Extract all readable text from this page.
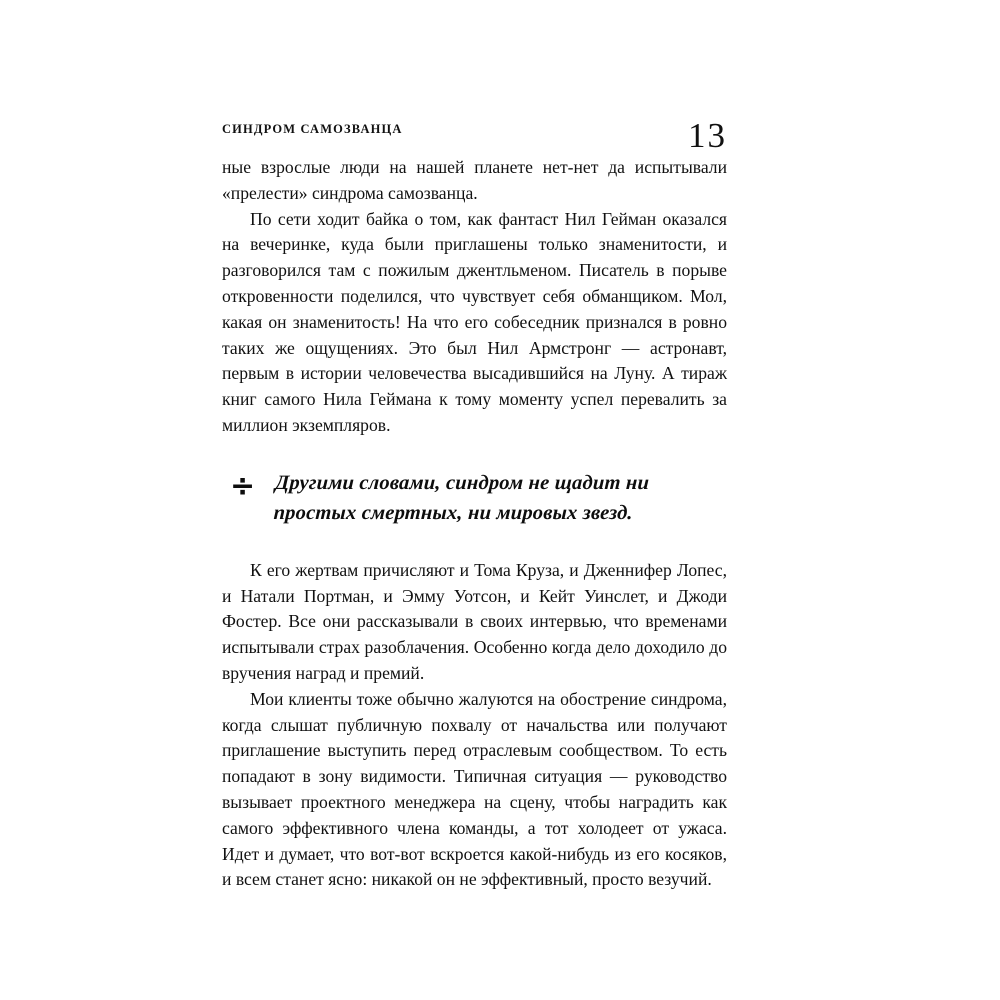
СИНДРОМ САМОЗВАНЦА	13

ные взрослые люди на нашей планете нет-нет да испытывали «прелести» синдрома самозванца.

По сети ходит байка о том, как фантаст Нил Гейман оказался на вечеринке, куда были приглашены только знаменитости, и разговорился там с пожилым джентльменом. Писатель в порыве откровенности поделился, что чувствует себя обманщиком. Мол, какая он знаменитость! На что его собеседник признался в ровно таких же ощущениях. Это был Нил Армстронг — астронавт, первым в истории человечества высадившийся на Луну. А тираж книг самого Нила Геймана к тому моменту успел перевалить за миллион экземпляров.

÷ Другими словами, синдром не щадит ни простых смертных, ни мировых звезд.

К его жертвам причисляют и Тома Круза, и Дженнифер Лопес, и Натали Портман, и Эмму Уотсон, и Кейт Уинслет, и Джоди Фостер. Все они рассказывали в своих интервью, что временами испытывали страх разоблачения. Особенно когда дело доходило до вручения наград и премий.

Мои клиенты тоже обычно жалуются на обострение синдрома, когда слышат публичную похвалу от начальства или получают приглашение выступить перед отраслевым сообществом. То есть попадают в зону видимости. Типичная ситуация — руководство вызывает проектного менеджера на сцену, чтобы наградить как самого эффективного члена команды, а тот холодеет от ужаса. Идет и думает, что вот-вот вскроется какой-нибудь из его косяков, и всем станет ясно: никакой он не эффективный, просто везучий.
